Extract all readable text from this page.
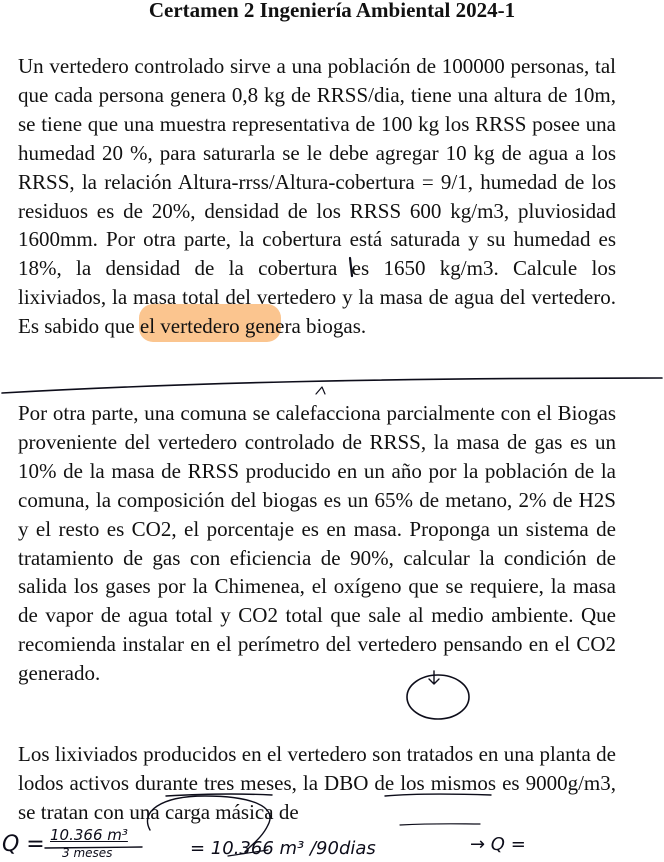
Certamen 2 Ingeniería Ambiental 2024-1
Un vertedero controlado sirve a una población de 100000 personas, tal que cada persona genera 0,8 kg de RRSS/dia, tiene una altura de 10m, se tiene que una muestra representativa de 100 kg los RRSS posee una humedad 20 %, para saturarla se le debe agregar 10 kg de agua a los RRSS, la relación Altura-rrss/Altura-cobertura = 9/1, humedad de los residuos es de 20%, densidad de los RRSS 600 kg/m3, pluviosidad 1600mm. Por otra parte, la cobertura está saturada y su humedad es 18%, la densidad de la cobertura es 1650 kg/m3. Calcule los lixiviados, la masa total del vertedero y la masa de agua del vertedero. Es sabido que el vertedero genera biogas.
Por otra parte, una comuna se calefacciona parcialmente con el Biogas proveniente del vertedero controlado de RRSS, la masa de gas es un 10% de la masa de RRSS producido en un año por la población de la comuna, la composición del biogas es un 65% de metano, 2% de H2S y el resto es CO2, el porcentaje es en masa. Proponga un sistema de tratamiento de gas con eficiencia de 90%, calcular la condición de salida los gases por la Chimenea, el oxígeno que se requiere, la masa de vapor de agua total y CO2 total que sale al medio ambiente. Que recomienda instalar en el perímetro del vertedero pensando en el CO2 generado.
Los lixiviados producidos en el vertedero son tratados en una planta de lodos activos durante tres meses, la DBO de los mismos es 9000g/m3, se tratan con una carga másica de
Q = 10.366 m³
3 meses	= 10.366 m³ /90dias	→ Q =
